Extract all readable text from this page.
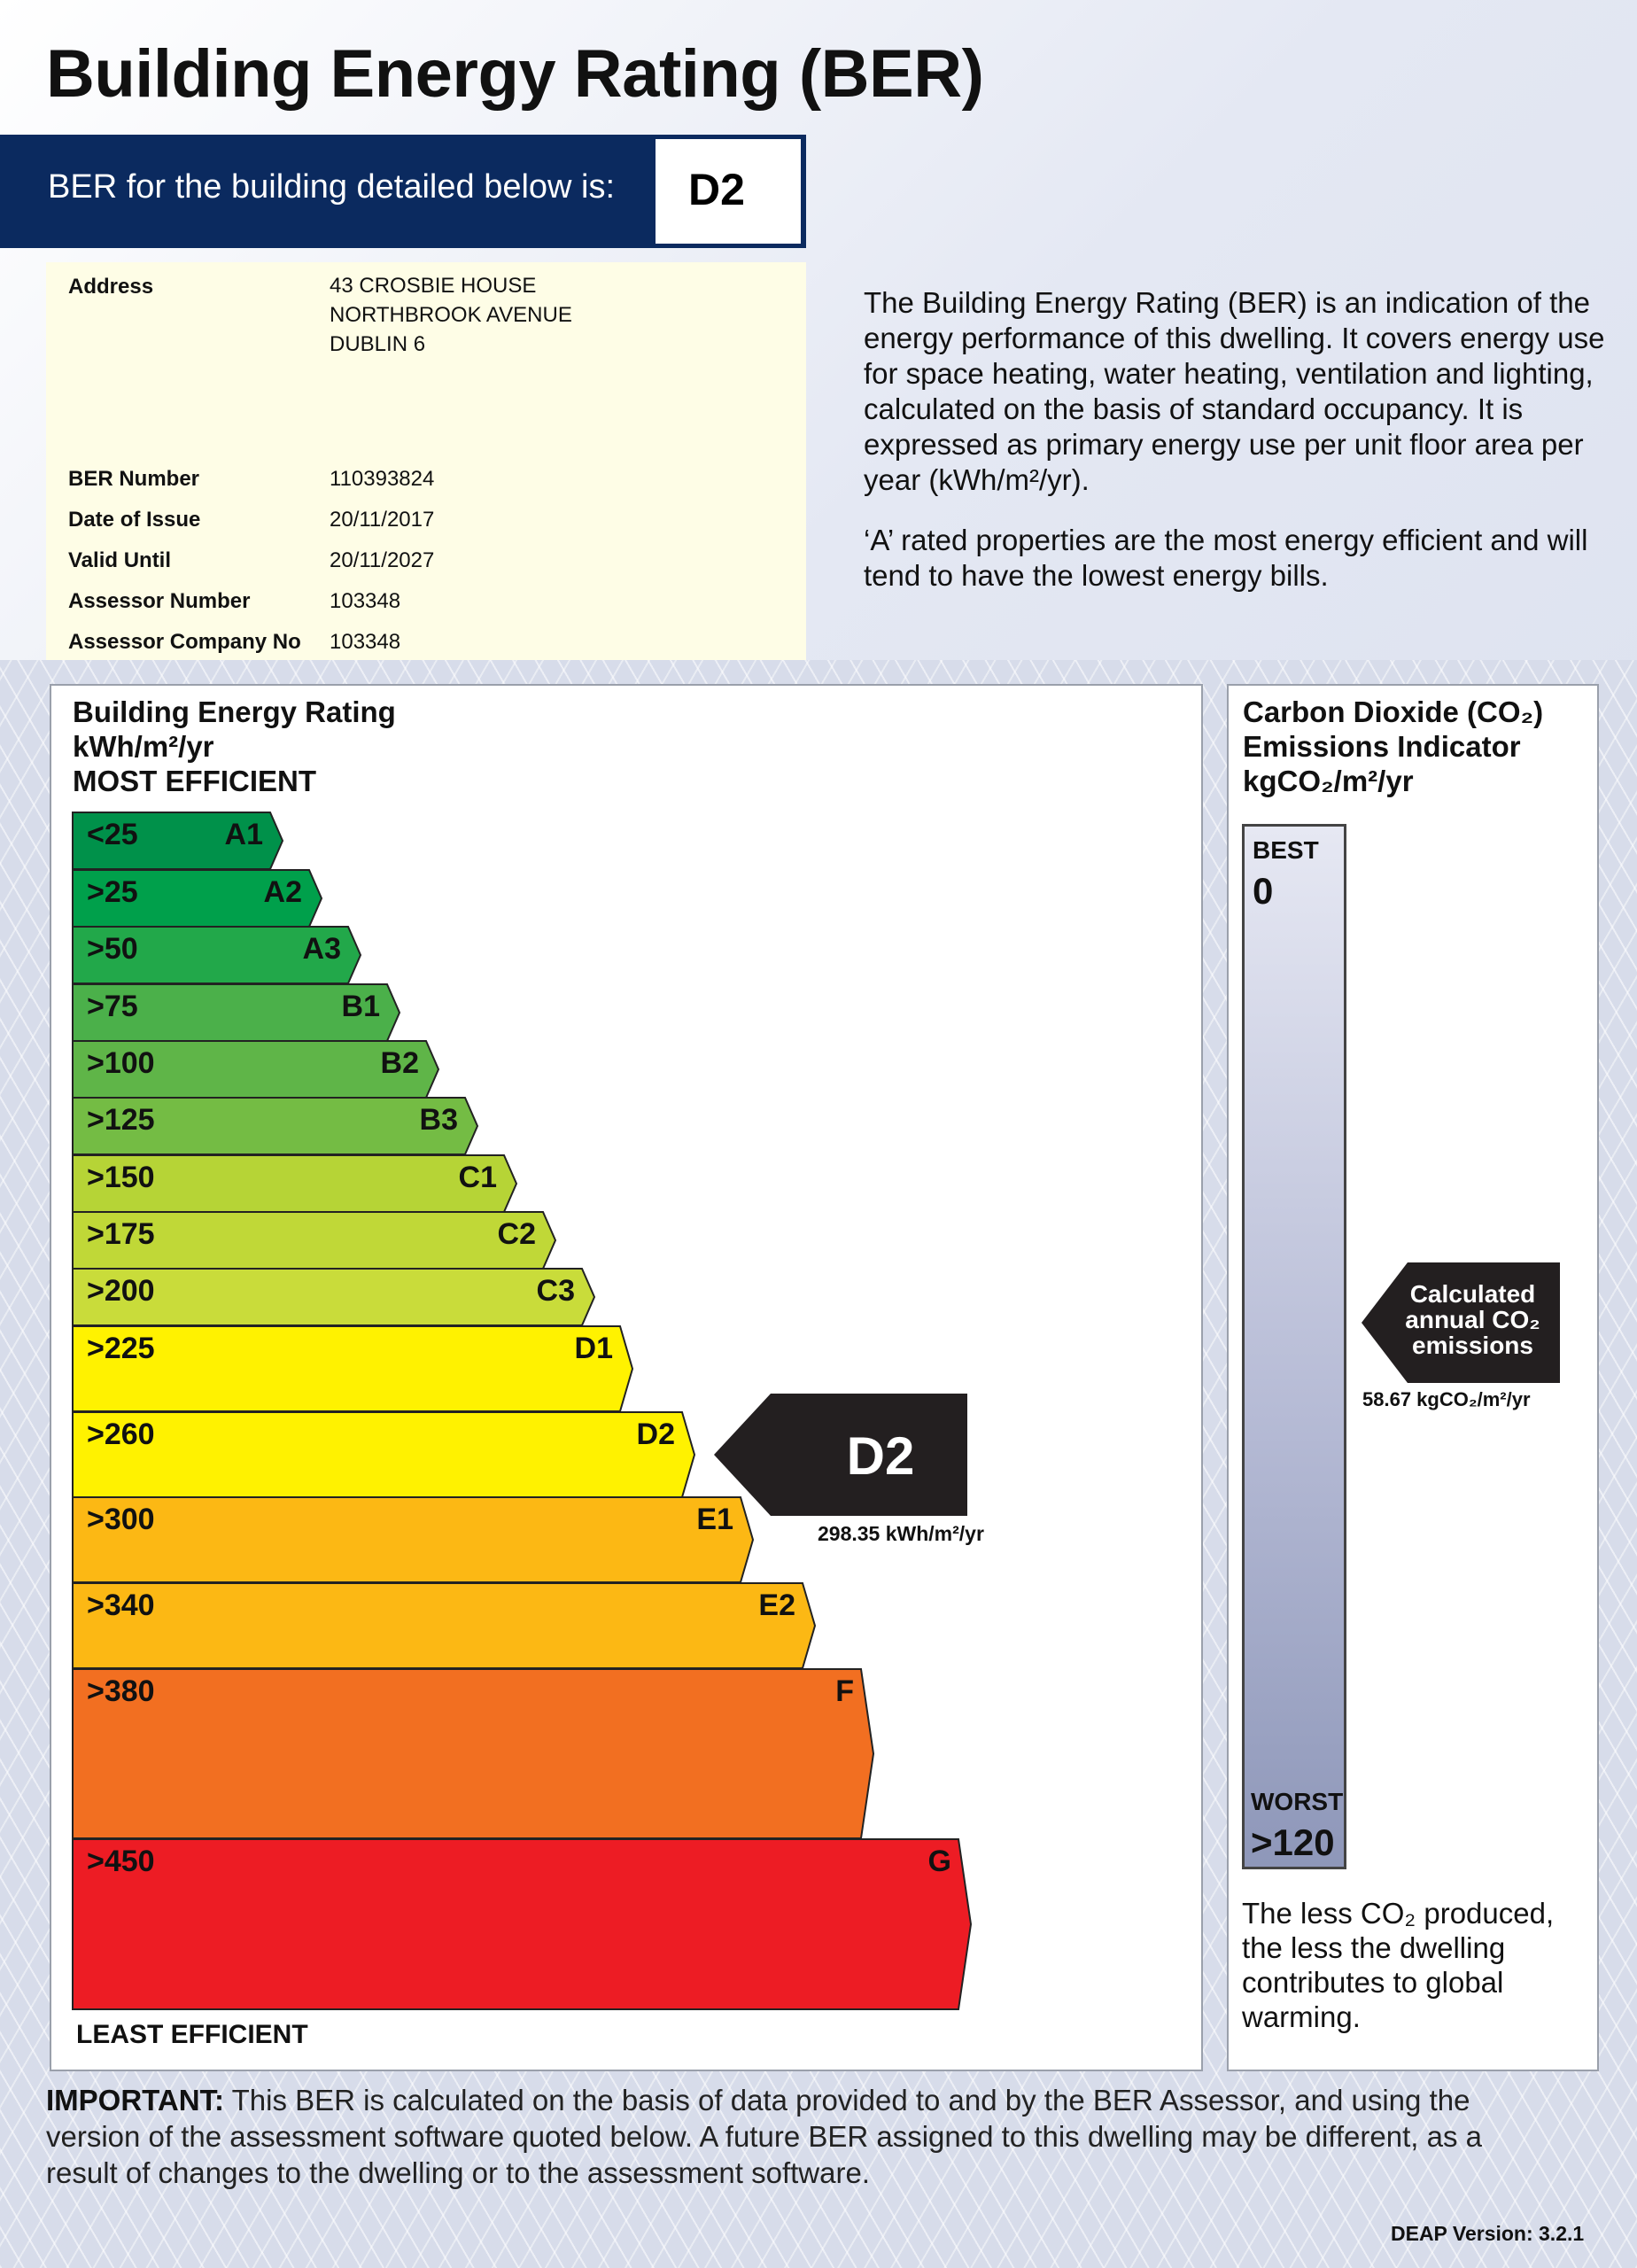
Building Energy Rating (BER)
BER for the building detailed below is: D2
Address	43 CROSBIE HOUSE
NORTHBROOK AVENUE
DUBLIN 6
BER Number	110393824
Date of Issue	20/11/2017
Valid Until	20/11/2027
Assessor Number	103348
Assessor Company No 103348

The Building Energy Rating (BER) is an indication of the energy performance of this dwelling. It covers energy use for space heating, water heating, ventilation and lighting, calculated on the basis of standard occupancy. It is expressed as primary energy use per unit floor area per year (kWh/m²/yr).

‘A’ rated properties are the most energy efficient and will tend to have the lowest energy bills.

Building Energy Rating
kWh/m²/yr
MOST EFFICIENT
Carbon Dioxide (CO₂)
Emissions Indicator
kgCO₂/m²/yr
<25	A1
>25	A2
>50	A3
>75	B1
>100	B2
>125	B3
>150	C1
>175	C2
>200	C3
>225	D1
>260	D2
>300	E1
>340	E2
>380	F
>450	G
D2
BEST
0
WORST
>120
Calculated annual CO₂ emissions
58.67 kgCO₂/m²/yr
The less CO₂ produced, the less the dwelling contributes to global warming.
LEAST EFFICIENT
298.35 kWh/m²/yr
IMPORTANT: This BER is calculated on the basis of data provided to and by the BER Assessor, and using the version of the assessment software quoted below. A future BER assigned to this dwelling may be different, as a result of changes to the dwelling or to the assessment software.
DEAP Version: 3.2.1
